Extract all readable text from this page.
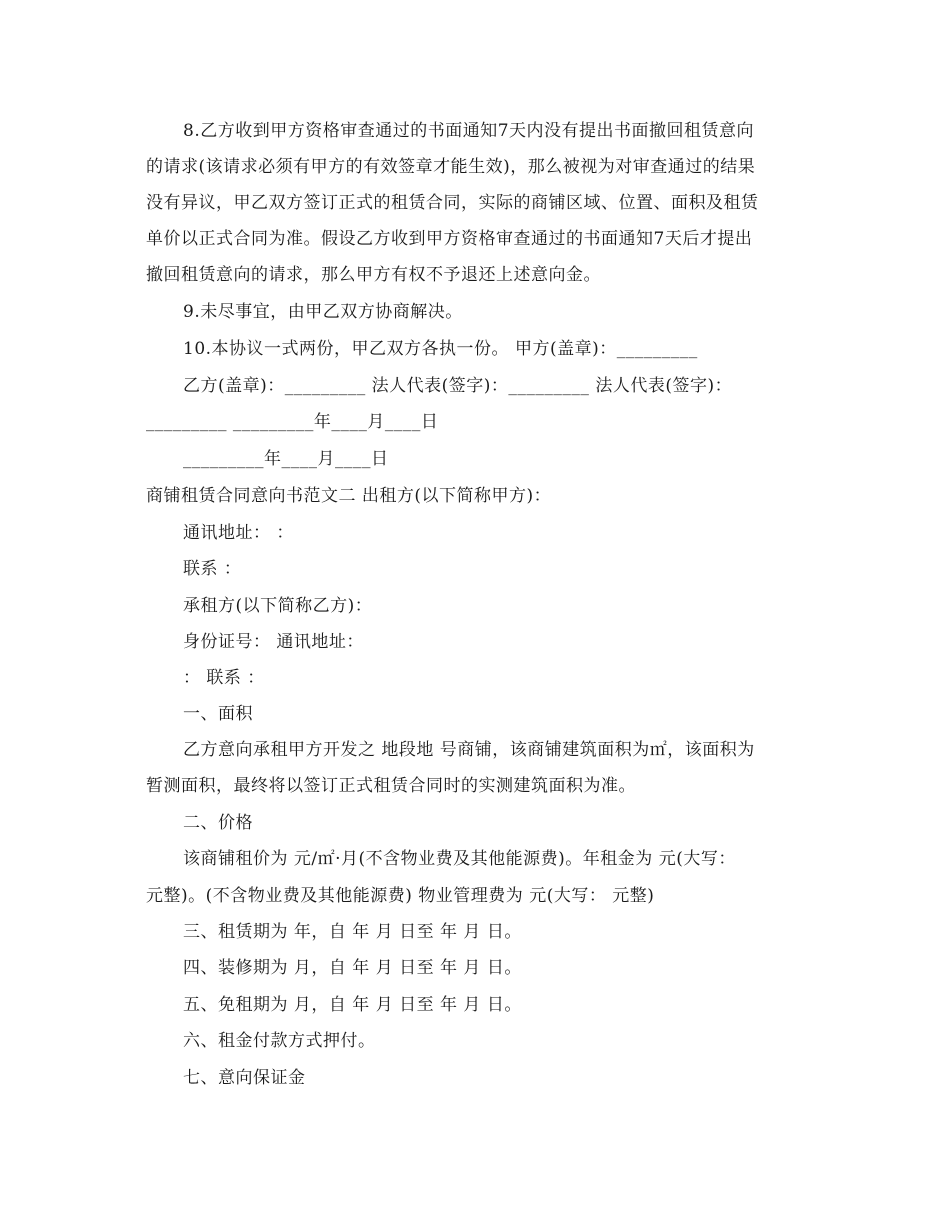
8.乙方收到甲方资格审查通过的书面通知7天内没有提出书面撤回租赁意向
的请求(该请求必须有甲方的有效签章才能生效)，那么被视为对审查通过的结果
没有异议，甲乙双方签订正式的租赁合同，实际的商铺区域、位置、面积及租赁
单价以正式合同为准。假设乙方收到甲方资格审查通过的书面通知7天后才提出
撤回租赁意向的请求，那么甲方有权不予退还上述意向金。
9.未尽事宜，由甲乙双方协商解决。
10.本协议一式两份，甲乙双方各执一份。 甲方(盖章)：_________
乙方(盖章)：_________ 法人代表(签字)：_________ 法人代表(签字)：
_________ _________年____月____日
_________年____月____日
商铺租赁合同意向书范文二 出租方(以下简称甲方)：
通讯地址： ：
联系 ：
承租方(以下简称乙方)：
身份证号： 通讯地址：
： 联系 ：
一、面积
乙方意向承租甲方开发之 地段地 号商铺，该商铺建筑面积为㎡，该面积为
暂测面积，最终将以签订正式租赁合同时的实测建筑面积为准。
二、价格
该商铺租价为 元/㎡·月(不含物业费及其他能源费)。年租金为 元(大写：
元整)。(不含物业费及其他能源费) 物业管理费为 元(大写： 元整)
三、租赁期为 年，自 年 月 日至 年 月 日。
四、装修期为 月，自 年 月 日至 年 月 日。
五、免租期为 月，自 年 月 日至 年 月 日。
六、租金付款方式押付。
七、意向保证金
